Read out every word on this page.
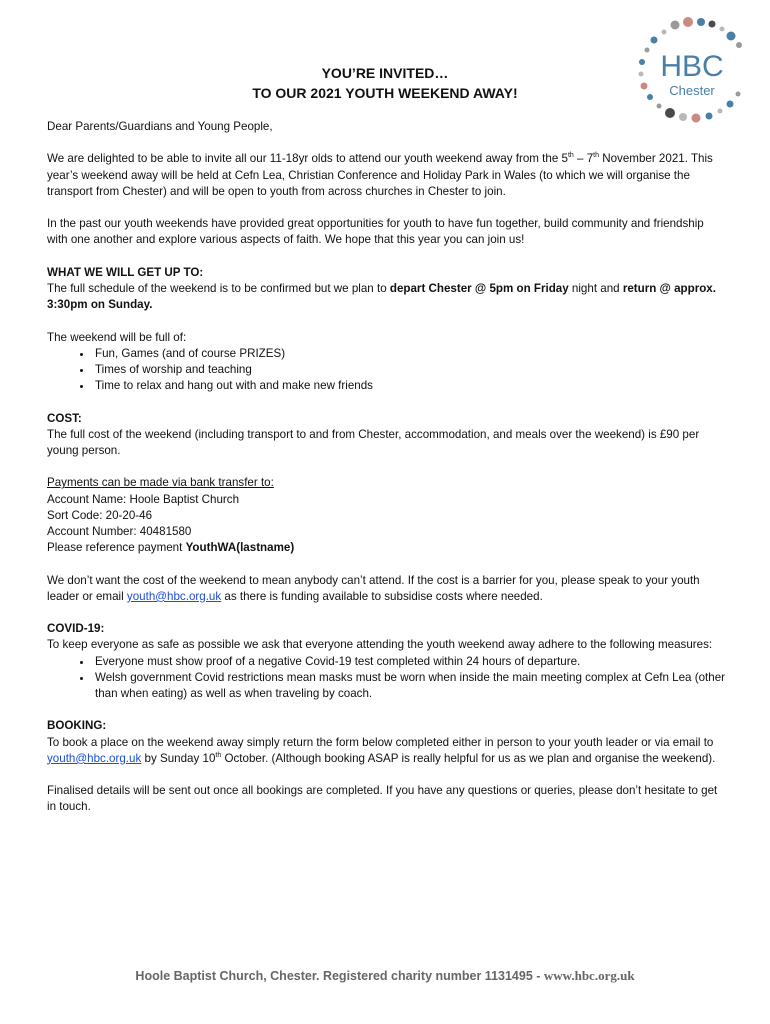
HBC
Chester
YOU’RE INVITED…
TO OUR 2021 YOUTH WEEKEND AWAY!

Dear Parents/Guardians and Young People,

We are delighted to be able to invite all our 11-18yr olds to attend our youth weekend away from the 5th – 7th November 2021. This year’s weekend away will be held at Cefn Lea, Christian Conference and Holiday Park in Wales (to which we will organise the transport from Chester) and will be open to youth from across churches in Chester to join.

In the past our youth weekends have provided great opportunities for youth to have fun together, build community and friendship with one another and explore various aspects of faith. We hope that this year you can join us!

WHAT WE WILL GET UP TO:

The full schedule of the weekend is to be confirmed but we plan to depart Chester @ 5pm on Friday night and return @ approx. 3:30pm on Sunday.

The weekend will be full of:

• Fun, Games (and of course PRIZES)
• Times of worship and teaching
• Time to relax and hang out with and make new friends

COST:

The full cost of the weekend (including transport to and from Chester, accommodation, and meals over the weekend) is £90 per young person.

Payments can be made via bank transfer to:

Account Name: Hoole Baptist Church

Sort Code: 20-20-46

Account Number: 40481580

Please reference payment YouthWA(lastname)

We don’t want the cost of the weekend to mean anybody can’t attend. If the cost is a barrier for you, please speak to your youth leader or email youth@hbc.org.uk as there is funding available to subsidise costs where needed.

COVID-19:

To keep everyone as safe as possible we ask that everyone attending the youth weekend away adhere to the following measures:

• Everyone must show proof of a negative Covid-19 test completed within 24 hours of departure.
• Welsh government Covid restrictions mean masks must be worn when inside the main meeting complex at Cefn Lea (other than when eating) as well as when traveling by coach.

BOOKING:

To book a place on the weekend away simply return the form below completed either in person to your youth leader or via email to youth@hbc.org.uk by Sunday 10th October. (Although booking ASAP is really helpful for us as we plan and organise the weekend).

Finalised details will be sent out once all bookings are completed. If you have any questions or queries, please don’t hesitate to get in touch.

Hoole Baptist Church, Chester. Registered charity number 1131495 - www.hbc.org.uk
